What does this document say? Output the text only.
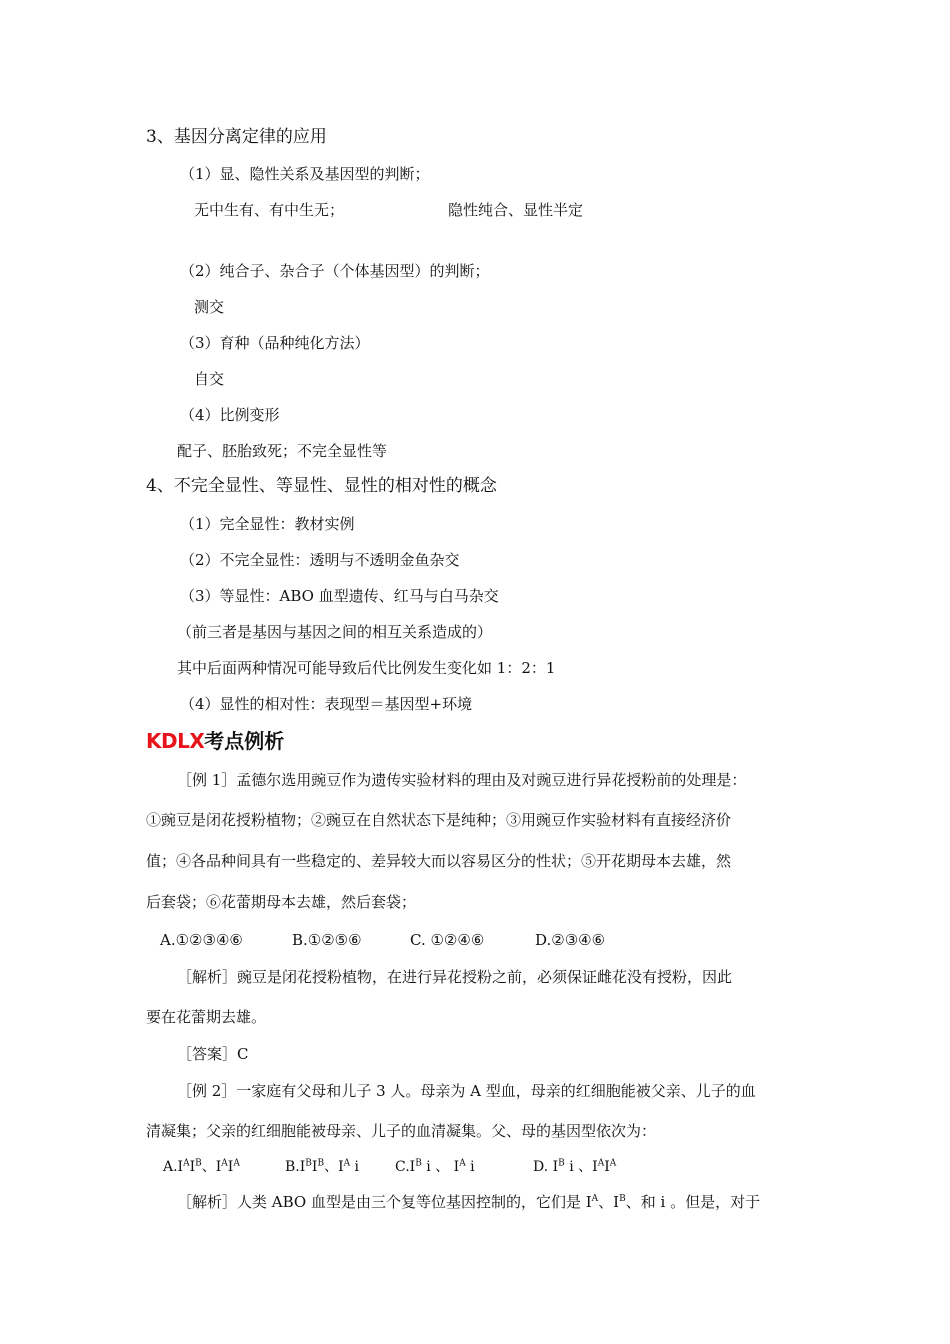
3、基因分离定律的应用
（1）显、隐性关系及基因型的判断；
无中生有、有中生无；	隐性纯合、显性半定
（2）纯合子、杂合子（个体基因型）的判断；
测交
（3）育种（品种纯化方法）
自交
（4）比例变形
配子、胚胎致死；不完全显性等
4、不完全显性、等显性、显性的相对性的概念
（1）完全显性：教材实例
（2）不完全显性：透明与不透明金鱼杂交
（3）等显性：ABO 血型遗传、红马与白马杂交
（前三者是基因与基因之间的相互关系造成的）
其中后面两种情况可能导致后代比例发生变化如 1：2：1
（4）显性的相对性：表现型＝基因型+环境
KDLX考点例析
［例 1］孟德尔选用豌豆作为遗传实验材料的理由及对豌豆进行异花授粉前的处理是：
①豌豆是闭花授粉植物；②豌豆在自然状态下是纯种；③用豌豆作实验材料有直接经济价
值；④各品种间具有一些稳定的、差异较大而以容易区分的性状；⑤开花期母本去雄，然
后套袋；⑥花蕾期母本去雄，然后套袋；
A.①②③④⑥	B.①②⑤⑥	C. ①②④⑥	D.②③④⑥
［解析］豌豆是闭花授粉植物，在进行异花授粉之前，必须保证雌花没有授粉，因此
要在花蕾期去雄。
［答案］C
［例 2］一家庭有父母和儿子 3 人。母亲为 A 型血，母亲的红细胞能被父亲、儿子的血
清凝集；父亲的红细胞能被母亲、儿子的血清凝集。父、母的基因型依次为：
$A.I^AI^B$、$I^AI^A$	$B.I^BI^B$、$I^A$ i	$C.I^B$ i 、 $I^A$ i	D. $I^B$ i 、$I^AI^A$
［解析］人类 ABO 血型是由三个复等位基因控制的，它们是 $I^A$、$I^B$、和 i 。但是，对于
